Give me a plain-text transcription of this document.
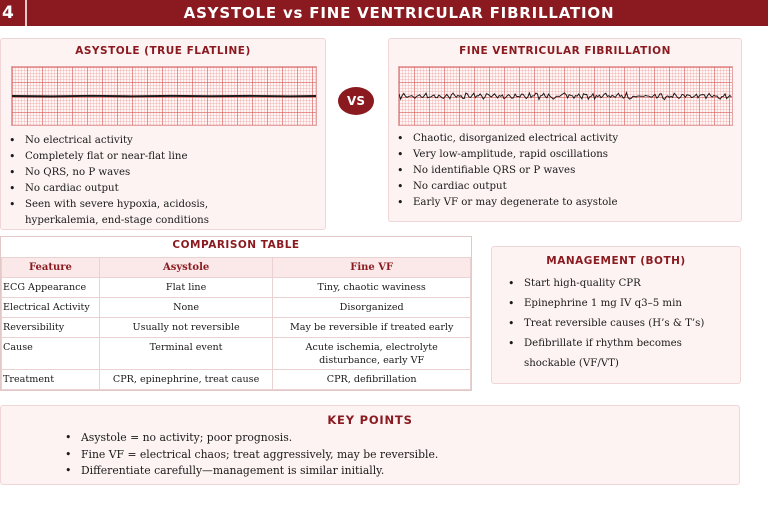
4	ASYSTOLE vs FINE VENTRICULAR FIBRILLATION
ASYSTOLE (TRUE FLATLINE)
• No electrical activity
• Completely flat or near-flat line
• No QRS, no P waves
• No cardiac output
• Seen with severe hypoxia, acidosis,
hyperkalemia, end-stage conditions
VS
FINE VENTRICULAR FIBRILLATION
• Chaotic, disorganized electrical activity
• Very low-amplitude, rapid oscillations
• No identifiable QRS or P waves
• No cardiac output
• Early VF or may degenerate to asystole
COMPARISON TABLE
Feature	Asystole	Fine VF
ECG Appearance	Flat line	Tiny, chaotic waviness
Electrical Activity	None	Disorganized
Reversibility	Usually not reversible	May be reversible if treated early
Cause	Terminal event	Acute ischemia, electrolyte disturbance, early VF
Treatment	CPR, epinephrine, treat cause	CPR, defibrillation
MANAGEMENT (BOTH)
• Start high-quality CPR
• Epinephrine 1 mg IV q3–5 min
• Treat reversible causes (H’s & T’s)
• Defibrillate if rhythm becomes
shockable (VF/VT)
KEY POINTS
• Asystole = no activity; poor prognosis.
• Fine VF = electrical chaos; treat aggressively, may be reversible.
• Differentiate carefully—management is similar initially.
